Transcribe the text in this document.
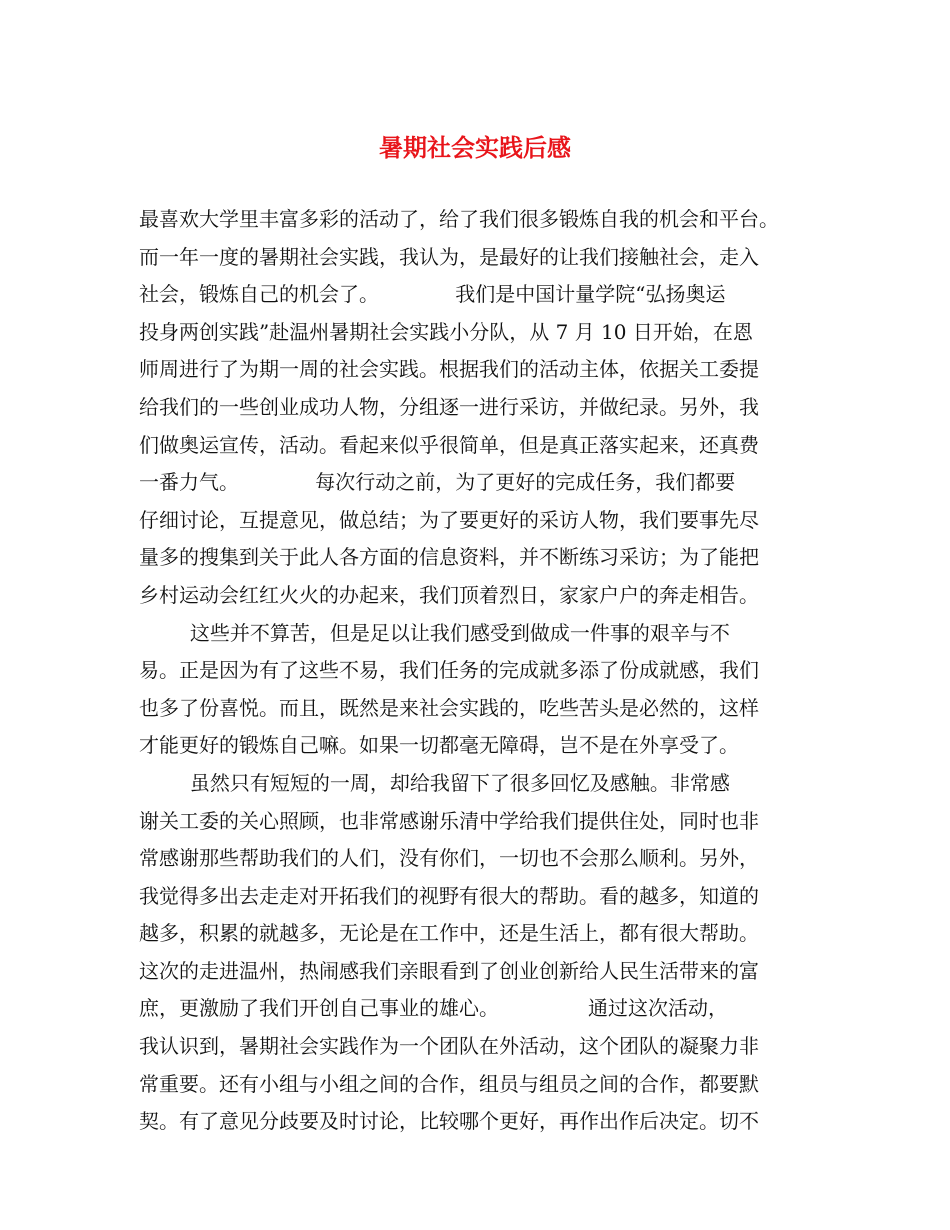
暑期社会实践后感
最喜欢大学里丰富多彩的活动了，给了我们很多锻炼自我的机会和平台。
而一年一度的暑期社会实践，我认为，是最好的让我们接触社会，走入
社会，锻炼自己的机会了。            我们是中国计量学院“弘扬奥运
投身两创实践”赴温州暑期社会实践小分队，从 7 月 10 日开始，在恩
师周进行了为期一周的社会实践。根据我们的活动主体，依据关工委提
给我们的一些创业成功人物，分组逐一进行采访，并做纪录。另外，我
们做奥运宣传，活动。看起来似乎很简单，但是真正落实起来，还真费
一番力气。            每次行动之前，为了更好的完成任务，我们都要
仔细讨论，互提意见，做总结；为了要更好的采访人物，我们要事先尽
量多的搜集到关于此人各方面的信息资料，并不断练习采访；为了能把
乡村运动会红红火火的办起来，我们顶着烈日，家家户户的奔走相告。
这些并不算苦，但是足以让我们感受到做成一件事的艰辛与不
易。正是因为有了这些不易，我们任务的完成就多添了份成就感，我们
也多了份喜悦。而且，既然是来社会实践的，吃些苦头是必然的，这样
才能更好的锻炼自己嘛。如果一切都毫无障碍，岂不是在外享受了。
虽然只有短短的一周，却给我留下了很多回忆及感触。非常感
谢关工委的关心照顾，也非常感谢乐清中学给我们提供住处，同时也非
常感谢那些帮助我们的人们，没有你们，一切也不会那么顺利。另外，
我觉得多出去走走对开拓我们的视野有很大的帮助。看的越多，知道的
越多，积累的就越多，无论是在工作中，还是生活上，都有很大帮助。
这次的走进温州，热闹感我们亲眼看到了创业创新给人民生活带来的富
庶，更激励了我们开创自己事业的雄心。              通过这次活动，
我认识到，暑期社会实践作为一个团队在外活动，这个团队的凝聚力非
常重要。还有小组与小组之间的合作，组员与组员之间的合作，都要默
契。有了意见分歧要及时讨论，比较哪个更好，再作出作后决定。切不
